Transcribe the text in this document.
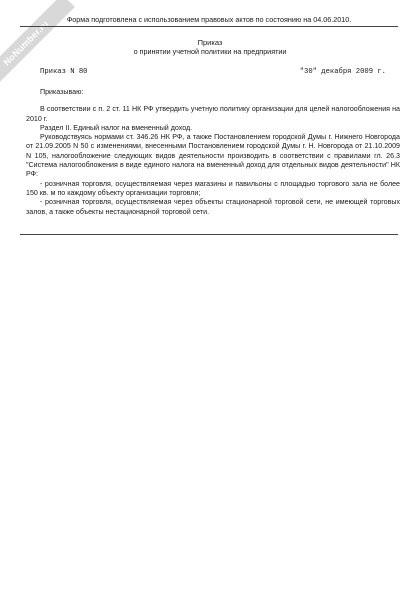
NoNumber.ru	Форма подготовлена с использованием правовых актов по состоянию на 04.06.2010.
Приказ
о принятии учетной политики на предприятии
Приказ N 80	"30" декабря 2009 г.

Приказываю:

В соответствии с п. 2 ст. 11 НК РФ утвердить учетную политику организации для целей налогообложения на 2010 г.

Раздел II. Единый налог на вмененный доход.

Руководствуясь нормами ст. 346.26 НК РФ, а также Постановлением городской Думы г. Нижнего Новгорода от 21.09.2005 N 50 с изменениями, внесенными Постановлением городской Думы г. Н. Новгорода от 21.10.2009 N 105, налогообложение следующих видов деятельности производить в соответствии с правилами гл. 26.3 "Система налогообложения в виде единого налога на вмененный доход для отдельных видов деятельности" НК РФ:

- розничная торговля, осуществляемая через магазины и павильоны с площадью торгового зала не более 150 кв. м по каждому объекту организации торговли;

- розничная торговля, осуществляемая через объекты стационарной торговой сети, не имеющей торговых залов, а также объекты нестационарной торговой сети.
